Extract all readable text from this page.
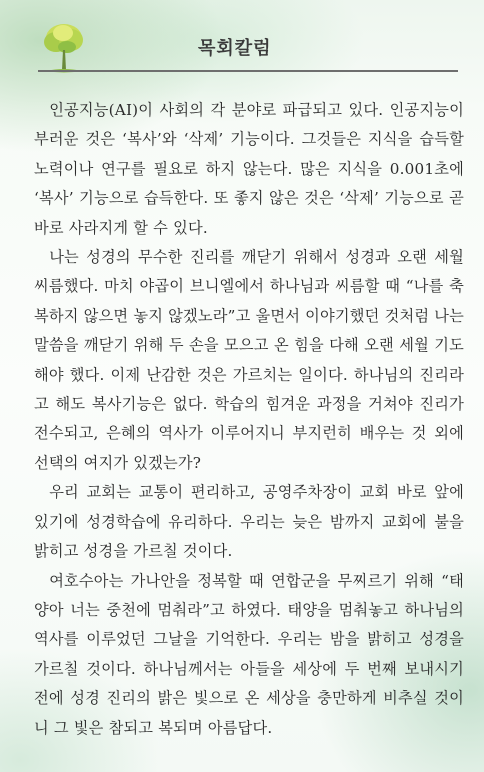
목회칼럼

인공지능(AI)이 사회의 각 분야로 파급되고 있다. 인공지능이 부러운 것은 ‘복사’와 ‘삭제’ 기능이다. 그것들은 지식을 습득할 노력이나 연구를 필요로 하지 않는다. 많은 지식을 0.001초에 ‘복사’ 기능으로 습득한다. 또 좋지 않은 것은 ‘삭제’ 기능으로 곧바로 사라지게 할 수 있다.

나는 성경의 무수한 진리를 깨닫기 위해서 성경과 오랜 세월 씨름했다. 마치 야곱이 브니엘에서 하나님과 씨름할 때 “나를 축복하지 않으면 놓지 않겠노라”고 울면서 이야기했던 것처럼 나는 말씀을 깨닫기 위해 두 손을 모으고 온 힘을 다해 오랜 세월 기도해야 했다. 이제 난감한 것은 가르치는 일이다. 하나님의 진리라고 해도 복사기능은 없다. 학습의 힘겨운 과정을 거쳐야 진리가 전수되고, 은혜의 역사가 이루어지니 부지런히 배우는 것 외에 선택의 여지가 있겠는가?

우리 교회는 교통이 편리하고, 공영주차장이 교회 바로 앞에 있기에 성경학습에 유리하다. 우리는 늦은 밤까지 교회에 불을 밝히고 성경을 가르칠 것이다.

여호수아는 가나안을 정복할 때 연합군을 무찌르기 위해 “태양아 너는 중천에 멈춰라”고 하였다. 태양을 멈춰놓고 하나님의 역사를 이루었던 그날을 기억한다. 우리는 밤을 밝히고 성경을 가르칠 것이다. 하나님께서는 아들을 세상에 두 번째 보내시기 전에 성경 진리의 밝은 빛으로 온 세상을 충만하게 비추실 것이니 그 빛은 참되고 복되며 아름답다.
